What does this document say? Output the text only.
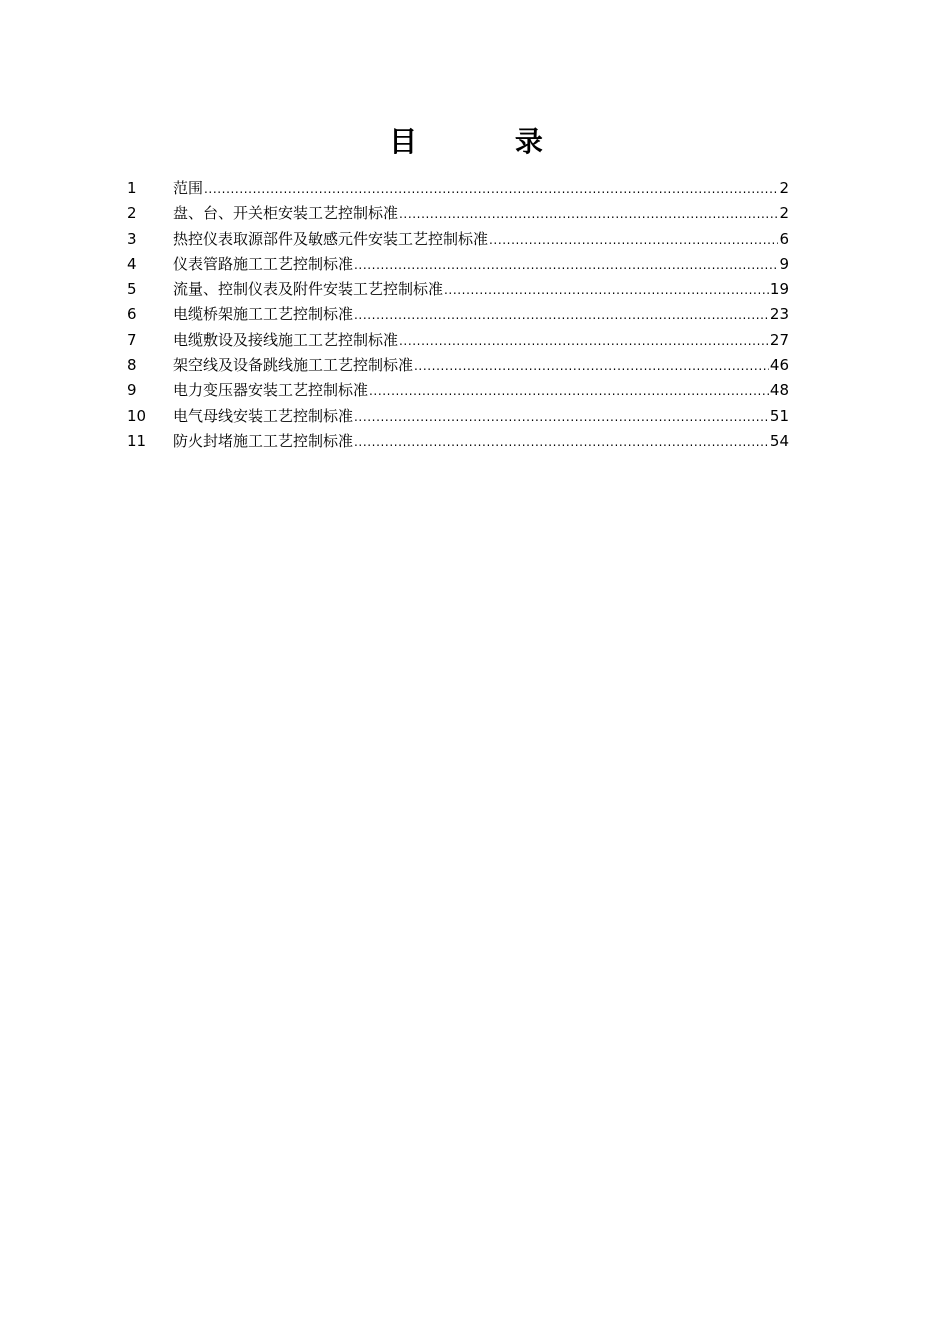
目 录
1	范围 .....	2
2	盘、台、开关柜安装工艺控制标准 .....	2
3	热控仪表取源部件及敏感元件安装工艺控制标准 .....	6
4	仪表管路施工工艺控制标准 .....	9
5	流量、控制仪表及附件安装工艺控制标准 .....	19
6	电缆桥架施工工艺控制标准 .....	23
7	电缆敷设及接线施工工艺控制标准 .....	27
8	架空线及设备跳线施工工艺控制标准 .....	46
9	电力变压器安装工艺控制标准 .....	48
10	电气母线安装工艺控制标准 .....	51
11	防火封堵施工工艺控制标准 .....	54
